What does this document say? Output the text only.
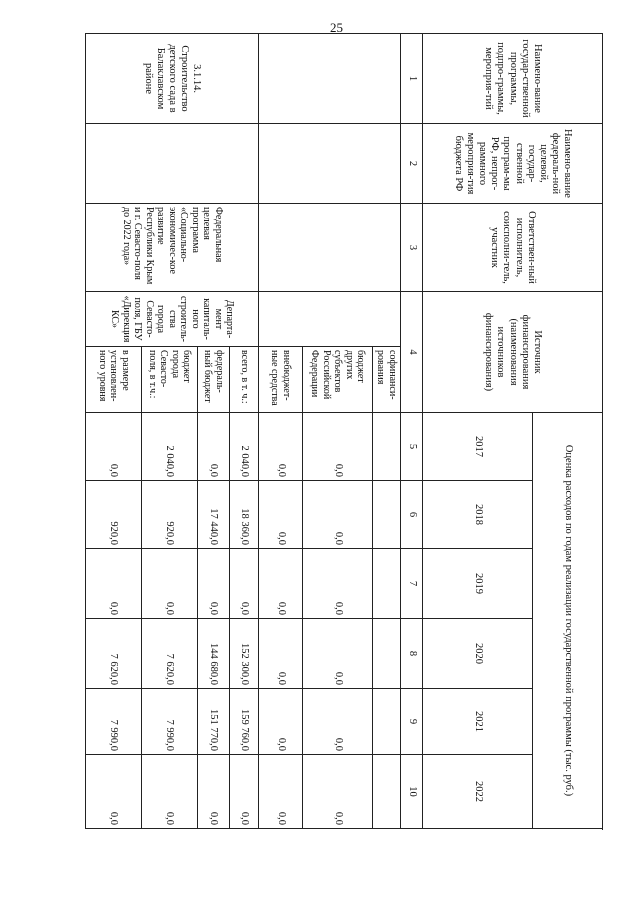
25
Наимено-вание государ-ственной программы, подпро-граммы, мероприя-тий	Наимено-вание федераль-ной целевой, государ-ственной програм-мы РФ, непрог-раммного мероприя-тия бюджета РФ	Ответствен-ный исполнитель, соисполни-тель, участник	Источник финансирования (наименования источников финансирования)		Оценка расходов по годам реализации государственной программы (тыс. руб.)						
					2017	2018	2019	2020	2021	2022	
1	2	3	4		5	6	7	8	9	10	
				софинанси-рования							
				бюджет других субъектов Российской Федерации	0,0	0,0	0,0	0,0	0,0	0,0	
				внебюджет-ные средства	0,0	0,0	0,0	0,0	0,0	0,0	
3.1.14. Строительство детского сада в Балаклавском районе		Федеральная целевая программа «Социально-экономичес-кое развитие Республики Крым и г. Севасто-поля до 2022 года»	Департа-мент капиталь-ного строитель-ства города Севасто-поля, ГБУ «Дирекция КС»	всего, в т. ч.:	2 040,0	18 360,0	0,0	152 300,0	159 760,0	0,0	
				федераль-ный бюджет	0,0	17 440,0	0,0	144 680,0	151 770,0	0,0	
				бюджет города Севасто-поля, в т.ч.:	2 040,0	920,0	0,0	7 620,0	7 990,0	0,0	
				в размере установлен-ного уровня	0,0	920,0	0,0	7 620,0	7 990,0	0,0	
